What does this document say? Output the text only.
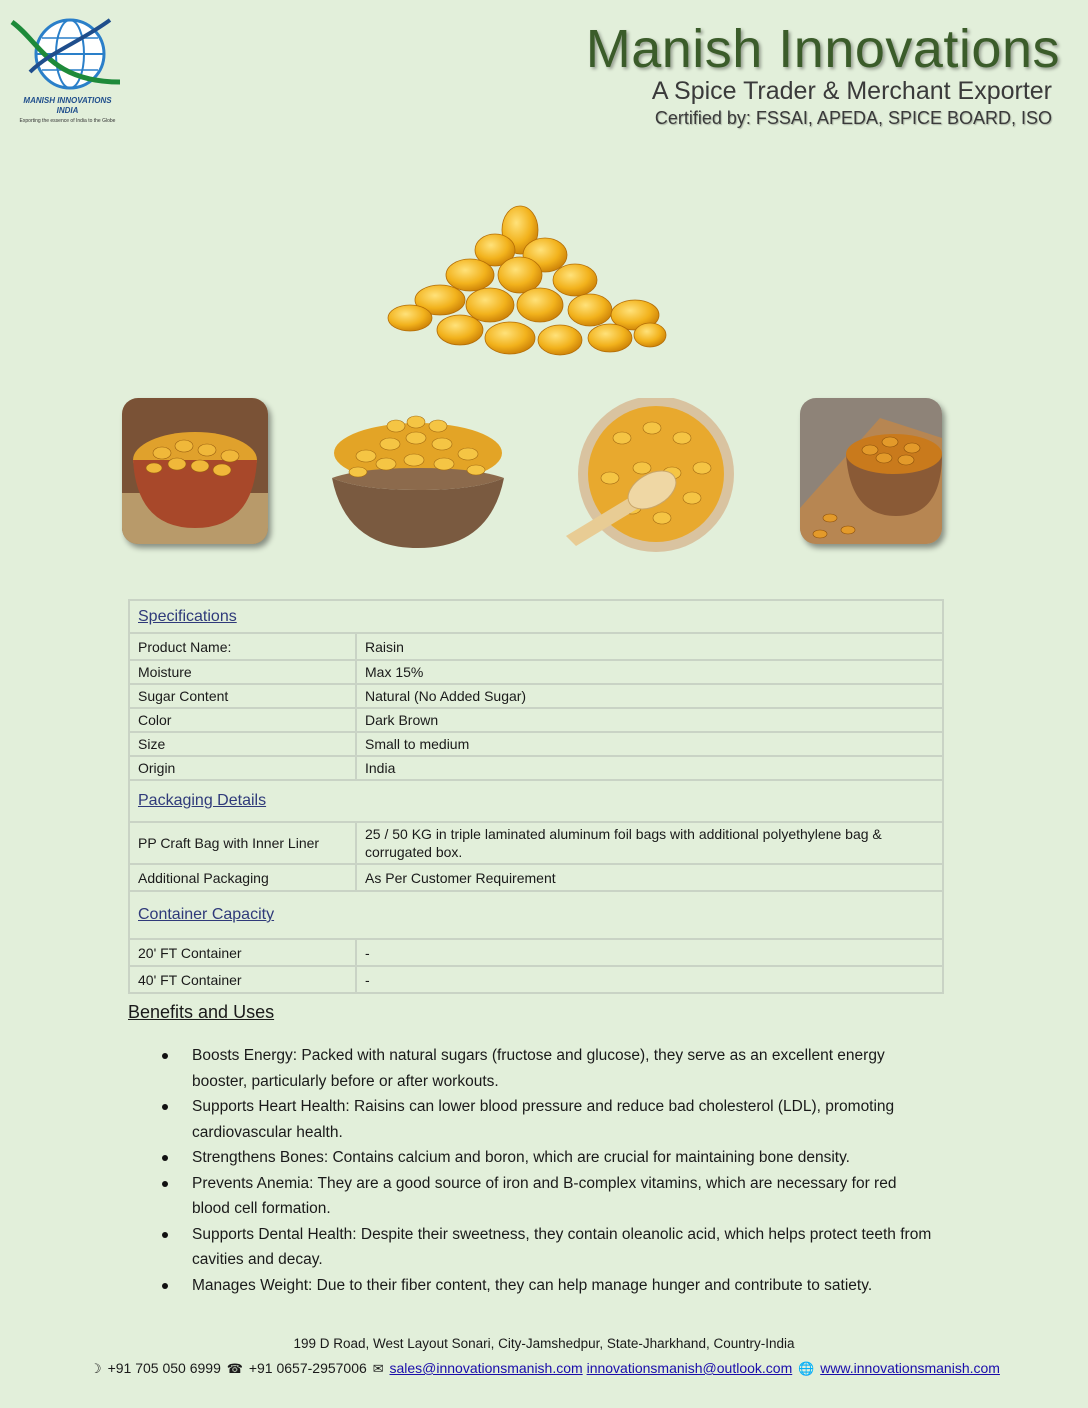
MANISH INNOVATIONS
INDIA
Exporting the essence of India to the Globe
Manish Innovations
A Spice Trader & Merchant Exporter
Certified by: FSSAI, APEDA, SPICE BOARD, ISO
Specifications	
Product Name:	Raisin
Moisture	Max 15%
Sugar Content	Natural (No Added Sugar)
Color	Dark Brown
Size	Small to medium
Origin	India
Packaging Details	
PP Craft Bag with Inner Liner	25 / 50 KG in triple laminated aluminum foil bags with additional polyethylene bag & corrugated box.
Additional Packaging	As Per Customer Requirement
Container Capacity	
20' FT Container	-
40' FT Container	-
Benefits and Uses
Boosts Energy: Packed with natural sugars (fructose and glucose), they serve as an excellent energy booster, particularly before or after workouts.
Supports Heart Health: Raisins can lower blood pressure and reduce bad cholesterol (LDL), promoting cardiovascular health.
Strengthens Bones: Contains calcium and boron, which are crucial for maintaining bone density.
Prevents Anemia: They are a good source of iron and B-complex vitamins, which are necessary for red blood cell formation.
Supports Dental Health: Despite their sweetness, they contain oleanolic acid, which helps protect teeth from cavities and decay.
Manages Weight: Due to their fiber content, they can help manage hunger and contribute to satiety.
199 D Road, West Layout Sonari, City-Jamshedpur, State-Jharkhand, Country-India
☽ +91 705 050 6999 ☎ +91 0657-2957006 ✉ sales@innovationsmanish.com innovationsmanish@outlook.com 🌐 www.innovationsmanish.com
